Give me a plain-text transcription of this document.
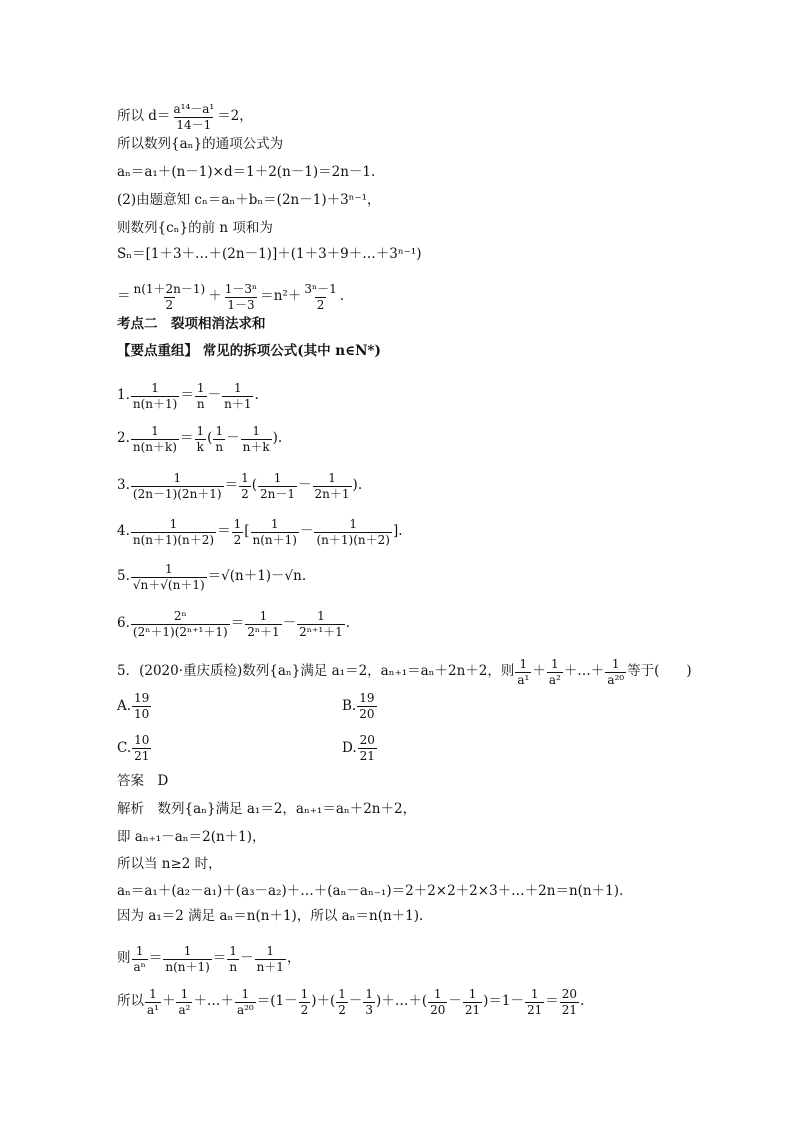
所以 $d= \frac{\text{a¹⁴－a¹}}{14-1} =2$，
所以数列{aₙ}的通项公式为
aₙ＝a₁＋(n－1)×d＝1＋2(n－1)＝2n－1.
(2)由题意知 cₙ＝aₙ＋bₙ＝(2n－1)＋3ⁿ⁻¹，
则数列{cₙ}的前 n 项和为
Sₙ＝[1＋3＋…＋(2n－1)]＋(1＋3＋9＋…＋3ⁿ⁻¹)
＝ $\frac{n(1+2n-1)}{2} + \frac{\text{1－3ⁿ}}{1-3} =n^2+ \frac{\text{3ⁿ－1}}{2}$ .
考点二　裂项相消法求和
【要点重组】 常见的拆项公式(其中 n∈N*)
1. $\frac{1}{n(n+1)} = \frac{1}{n} - \frac{1}{n+1}$ .
2. $\frac{1}{n(n+k)} = \frac{1}{k}$ ( $\frac{1}{n} - \frac{1}{n+k}$ ).
3. $\frac{1}{(2n-1)(2n+1)} = \frac{1}{2}$ ( $\frac{1}{2n-1} - \frac{1}{2n+1}$ ).
4. $\frac{1}{n(n+1)(n+2)} = \frac{1}{2}$ [ $\frac{1}{n(n+1)} - \frac{1}{(n+1)(n+2)}$ ].
5. $\frac{1}{√n+√(n+1)} =√(n+1)-√n$.
6. $\frac{\text{2ⁿ}}{\text{(2ⁿ＋1)(2ⁿ⁺¹＋1)}} = \frac{1}{\text{2ⁿ＋1}} - \frac{1}{\text{2ⁿ⁺¹＋1}}$ .
5．(2020·重庆质检)数列{aₙ}满足 a₁＝2，aₙ₊₁＝aₙ＋2n＋2，则 $\frac{1}{\text{a¹}} + \frac{1}{\text{a²}}$ ＋…＋ $\frac{1}{\text{a²⁰}}$ 等于(　　)
答案　D
解析　数列{aₙ}满足 a₁＝2，aₙ₊₁＝aₙ＋2n＋2，
即 aₙ₊₁－aₙ＝2(n＋1)，
所以当 n≥2 时，
aₙ＝a₁＋(a₂－a₁)＋(a₃－a₂)＋…＋(aₙ－aₙ₋₁)＝2＋2×2＋2×3＋…＋2n＝n(n＋1).
因为 a₁＝2 满足 aₙ＝n(n＋1)，所以 aₙ＝n(n＋1).
则 $\frac{1}{\text{aⁿ}} = \frac{1}{n(n+1)} = \frac{1}{n} - \frac{1}{n+1}$ ，
所以 $\frac{1}{\text{a¹}} + \frac{1}{\text{a²}}$ ＋…＋ $\frac{1}{\text{a²⁰}} =(1- \frac{1}{2}$ )＋( $\frac{1}{2} - \frac{1}{3}$ )＋…＋( $\frac{1}{20} - \frac{1}{21} )=1- \frac{1}{21} = \frac{20}{21}$ .
A. $\frac{19}{10}$	B. $\frac{19}{20}$
C. $\frac{10}{21}$	D. $\frac{20}{21}$
